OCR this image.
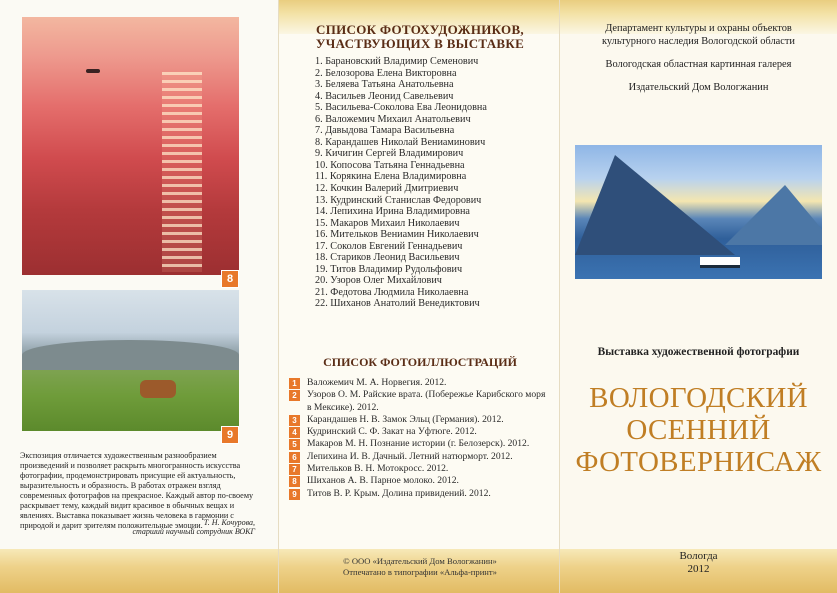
8
9
Экспозиция отличается художественным разнообразием произведений и позволяет раскрыть многогранность искусства фотографии, продемонстрировать присущие ей актуальность, выразительность и образность. В работах отражен взгляд современных фотографов на прекрасное. Каждый автор по-своему раскрывает тему, каждый видит красивое в обычных вещах и явлениях. Выставка показывает жизнь человека в гармонии с природой и дарит зрителям положительные эмоции. Т. Н. Кочурова,
старший научный сотрудник ВОКГ
СПИСОК ФОТОХУДОЖНИКОВ,
УЧАСТВУЮЩИХ В ВЫСТАВКЕ
1. Барановский Владимир Семенович
2. Белозорова Елена Викторовна
3. Беляева Татьяна Анатольевна
4. Васильев Леонид Савельевич
5. Васильева-Соколова Ева Леонидовна
6. Валожемич Михаил Анатольевич
7. Давыдова Тамара Васильевна
8. Карандашев Николай Вениаминович
9. Кичигин Сергей Владимирович
10. Копосова Татьяна Геннадьевна
11. Корякина Елена Владимировна
12. Кочкин Валерий Дмитриевич
13. Кудринский Станислав Федорович
14. Лепихина Ирина Владимировна
15. Макаров Михаил Николаевич
16. Мительков Вениамин Николаевич
17. Соколов Евгений Геннадьевич
18. Стариков Леонид Васильевич
19. Титов Владимир Рудольфович
20. Узоров Олег Михайлович
21. Федотова Людмила Николаевна
22. Шиханов Анатолий Венедиктович
СПИСОК ФОТОИЛЛЮСТРАЦИЙ
1	Валожемич М. А. Норвегия. 2012.
2	Узоров О. М. Райские врата. (Побережье Карибского моря в Мексике). 2012.
3	Карандашев Н. В. Замок Эльц (Германия). 2012.
4	Кудринский С. Ф. Закат на Уфтюге. 2012.
5	Макаров М. Н. Познание истории (г. Белозерск). 2012.
6	Лепихина И. В. Дачный. Летний натюрморт. 2012.
7	Мительков В. Н. Мотокросс. 2012.
8	Шиханов А. В. Парное молоко. 2012.
9	Титов В. Р. Крым. Долина привидений. 2012.
© ООО «Издательский Дом Вологжанин»
Отпечатано в типографии «Альфа-принт»
Департамент культуры и охраны объектов культурного наследия Вологодской области
Вологодская областная картинная галерея
Издательский Дом Вологжанин
Выставка художественной фотографии
ВОЛОГОДСКИЙ
ОСЕННИЙ
ФОТОВЕРНИСАЖ
Вологда
2012
